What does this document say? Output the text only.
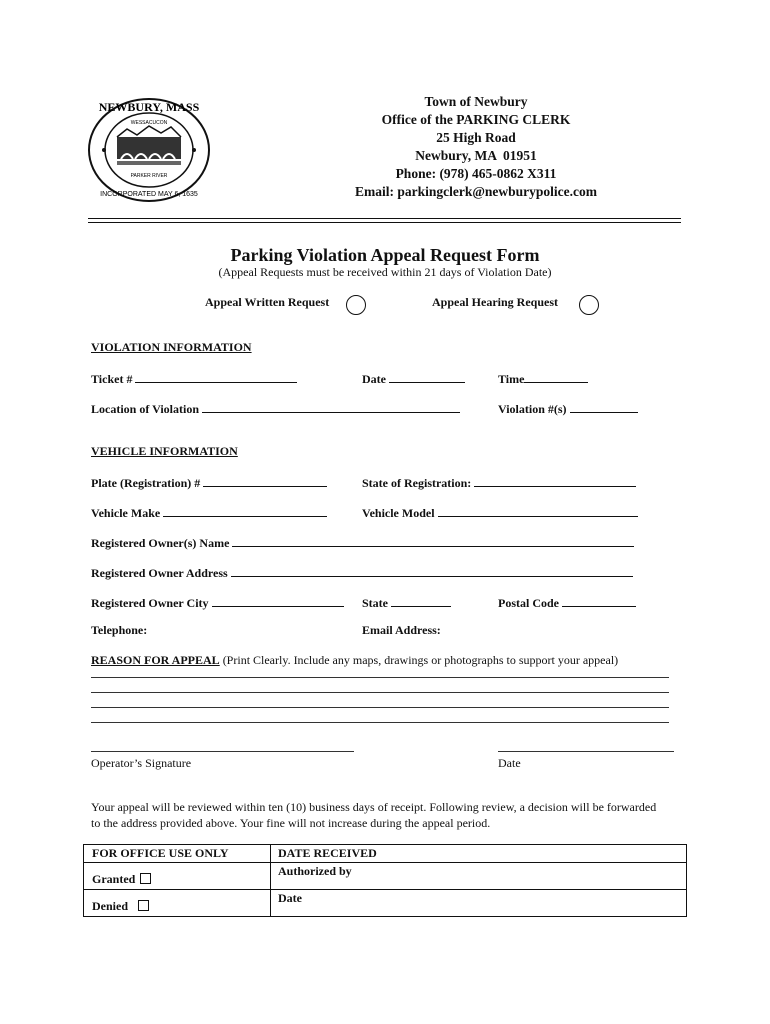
NEWBURY, MASS
INCORPORATED MAY 6, 1635
WESSACUCON
PARKER RIVER
Town of Newbury
Office of the PARKING CLERK
25 High Road
Newbury, MA  01951
Phone: (978) 465-0862 X311
Email: parkingclerk@newburypolice.com
Parking Violation Appeal Request Form
(Appeal Requests must be received within 21 days of Violation Date)
Appeal Written Request	Appeal Hearing Request
VIOLATION INFORMATION
Ticket #	Date	Time
Location of Violation	Violation #(s)
VEHICLE INFORMATION
Plate (Registration) #	State of Registration:
Vehicle Make	Vehicle Model
Registered Owner(s) Name
Registered Owner Address
Registered Owner City	State	Postal Code
Telephone:	Email Address:
REASON FOR APPEAL (Print Clearly. Include any maps, drawings or photographs to support your appeal)
Operator’s Signature	Date
Your appeal will be reviewed within ten (10) business days of receipt. Following review, a decision will be forwarded to the address provided above. Your fine will not increase during the appeal period.
FOR OFFICE USE ONLY	DATE RECEIVED
Granted	Authorized by
Denied	Date
